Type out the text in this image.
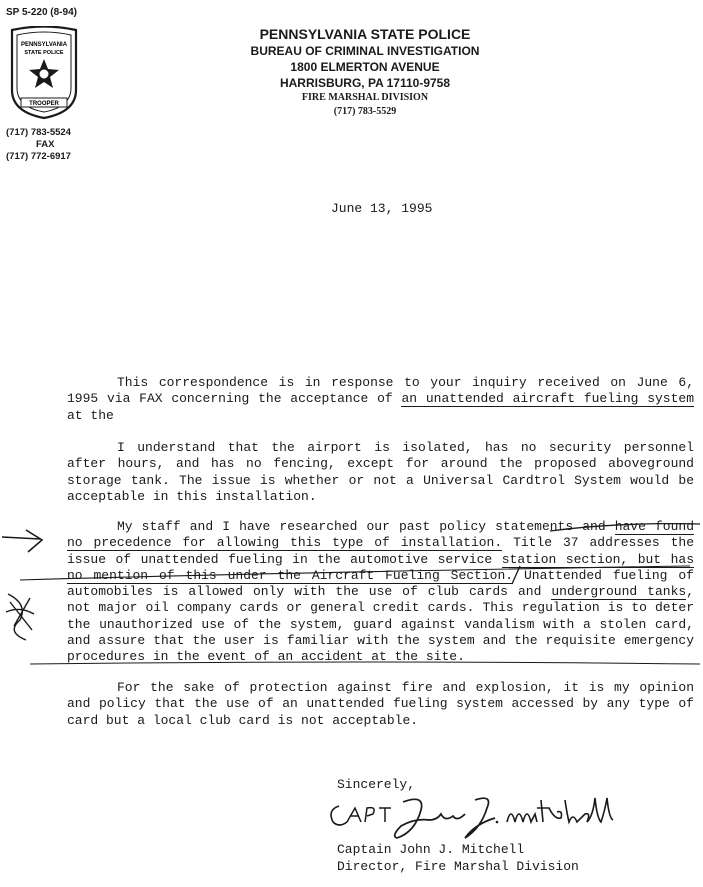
SP 5-220 (8-94)
PENNSYLVANIA
STATE POLICE
TROOPER
(717) 783-5524

FAX
(717) 772-6917
PENNSYLVANIA STATE POLICE
BUREAU OF CRIMINAL INVESTIGATION
1800 ELMERTON AVENUE
HARRISBURG, PA 17110-9758
FIRE MARSHAL DIVISION
(717) 783-5529
June 13, 1995

This correspondence is in response to your inquiry received on June 6, 1995 via FAX concerning the acceptance of an unattended aircraft fueling system at the

I understand that the airport is isolated, has no security personnel after hours, and has no fencing, except for around the proposed aboveground storage tank. The issue is whether or not a Universal Cardtrol System would be acceptable in this installation.

My staff and I have researched our past policy statements and have found no precedence for allowing this type of installation. Title 37 addresses the issue of unattended fueling in the automotive service station section, but has no mention of this under the Aircraft Fueling Section. Unattended fueling of automobiles is allowed only with the use of club cards and underground tanks, not major oil company cards or general credit cards. This regulation is to deter the unauthorized use of the system, guard against vandalism with a stolen card, and assure that the user is familiar with the system and the requisite emergency procedures in the event of an accident at the site.

For the sake of protection against fire and explosion, it is my opinion and policy that the use of an unattended fueling system accessed by any type of card but a local club card is not acceptable.

Sincerely,
Captain John J. Mitchell
Director, Fire Marshal Division
